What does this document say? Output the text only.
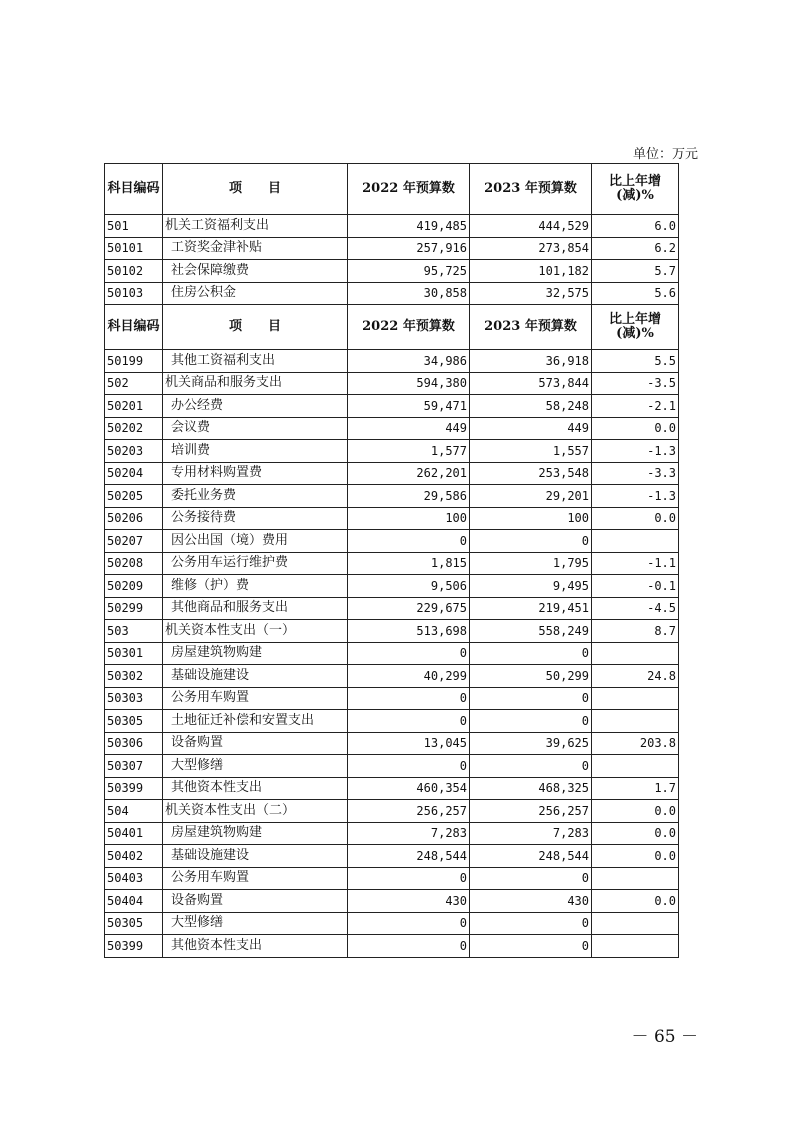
单位：万元
科目编码	项　　目	2022 年预算数	2023 年预算数	比上年增(减)%
501	机关工资福利支出	419,485	444,529	6.0
50101	工资奖金津补贴	257,916	273,854	6.2
50102	社会保障缴费	95,725	101,182	5.7
50103	住房公积金	30,858	32,575	5.6
科目编码	项　　目	2022 年预算数	2023 年预算数	比上年增(减)%
50199	其他工资福利支出	34,986	36,918	5.5
502	机关商品和服务支出	594,380	573,844	-3.5
50201	办公经费	59,471	58,248	-2.1
50202	会议费	449	449	0.0
50203	培训费	1,577	1,557	-1.3
50204	专用材料购置费	262,201	253,548	-3.3
50205	委托业务费	29,586	29,201	-1.3
50206	公务接待费	100	100	0.0
50207	因公出国（境）费用	0	0	
50208	公务用车运行维护费	1,815	1,795	-1.1
50209	维修（护）费	9,506	9,495	-0.1
50299	其他商品和服务支出	229,675	219,451	-4.5
503	机关资本性支出（一）	513,698	558,249	8.7
50301	房屋建筑物购建	0	0	
50302	基础设施建设	40,299	50,299	24.8
50303	公务用车购置	0	0	
50305	土地征迁补偿和安置支出	0	0	
50306	设备购置	13,045	39,625	203.8
50307	大型修缮	0	0	
50399	其他资本性支出	460,354	468,325	1.7
504	机关资本性支出（二）	256,257	256,257	0.0
50401	房屋建筑物购建	7,283	7,283	0.0
50402	基础设施建设	248,544	248,544	0.0
50403	公务用车购置	0	0	
50404	设备购置	430	430	0.0
50305	大型修缮	0	0	
50399	其他资本性支出	0	0	
－ 65 －
